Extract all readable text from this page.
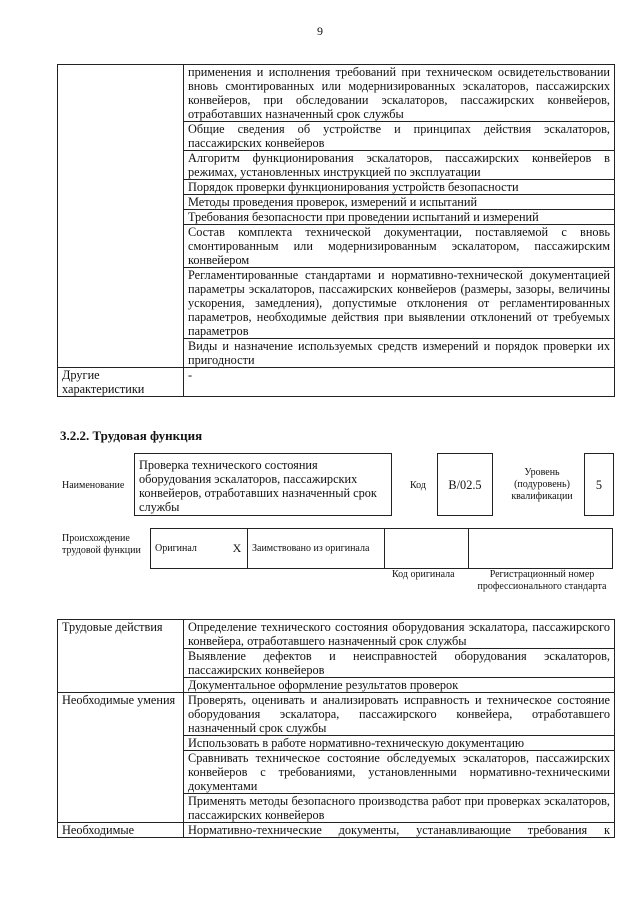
9
	применения и исполнения требований при техническом освидетельствовании вновь смонтированных или модернизированных эскалаторов, пассажирских конвейеров, при обследовании эскалаторов, пассажирских конвейеров, отработавших назначенный срок службы
	Общие сведения об устройстве и принципах действия эскалаторов, пассажирских конвейеров
	Алгоритм функционирования эскалаторов, пассажирских конвейеров в режимах, установленных инструкцией по эксплуатации
	Порядок проверки функционирования устройств безопасности
	Методы проведения проверок, измерений и испытаний
	Требования безопасности при проведении испытаний и измерений
	Состав комплекта технической документации, поставляемой с вновь смонтированным или модернизированным эскалатором, пассажирским конвейером
	Регламентированные стандартами и нормативно-технической документацией параметры эскалаторов, пассажирских конвейеров (размеры, зазоры, величины ускорения, замедления), допустимые отклонения от регламентированных параметров, необходимые действия при выявлении отклонений от требуемых параметров
	Виды и назначение используемых средств измерений и порядок проверки их пригодности
Другие характеристики	-
3.2.2. Трудовая функция
Наименование
Проверка технического состояния оборудования эскалаторов, пассажирских конвейеров, отработавших назначенный срок службы
Код	B/02.5
Уровень (подуровень) квалификации
5
Происхождение трудовой функции Оригинал	X	Заимствовано из оригинала		
Код оригинала	Регистрационный номер профессионального стандарта
Трудовые действия	Определение технического состояния оборудования эскалатора, пассажирского конвейера, отработавшего назначенный срок службы
	Выявление дефектов и неисправностей оборудования эскалаторов, пассажирских конвейеров
	Документальное оформление результатов проверок
Необходимые умения	Проверять, оценивать и анализировать исправность и техническое состояние оборудования эскалатора, пассажирского конвейера, отработавшего назначенный срок службы
	Использовать в работе нормативно-техническую документацию
	Сравнивать техническое состояние обследуемых эскалаторов, пассажирских конвейеров с требованиями, установленными нормативно-техническими документами
	Применять методы безопасного производства работ при проверках эскалаторов, пассажирских конвейеров
Необходимые	Нормативно-технические документы, устанавливающие требования к
